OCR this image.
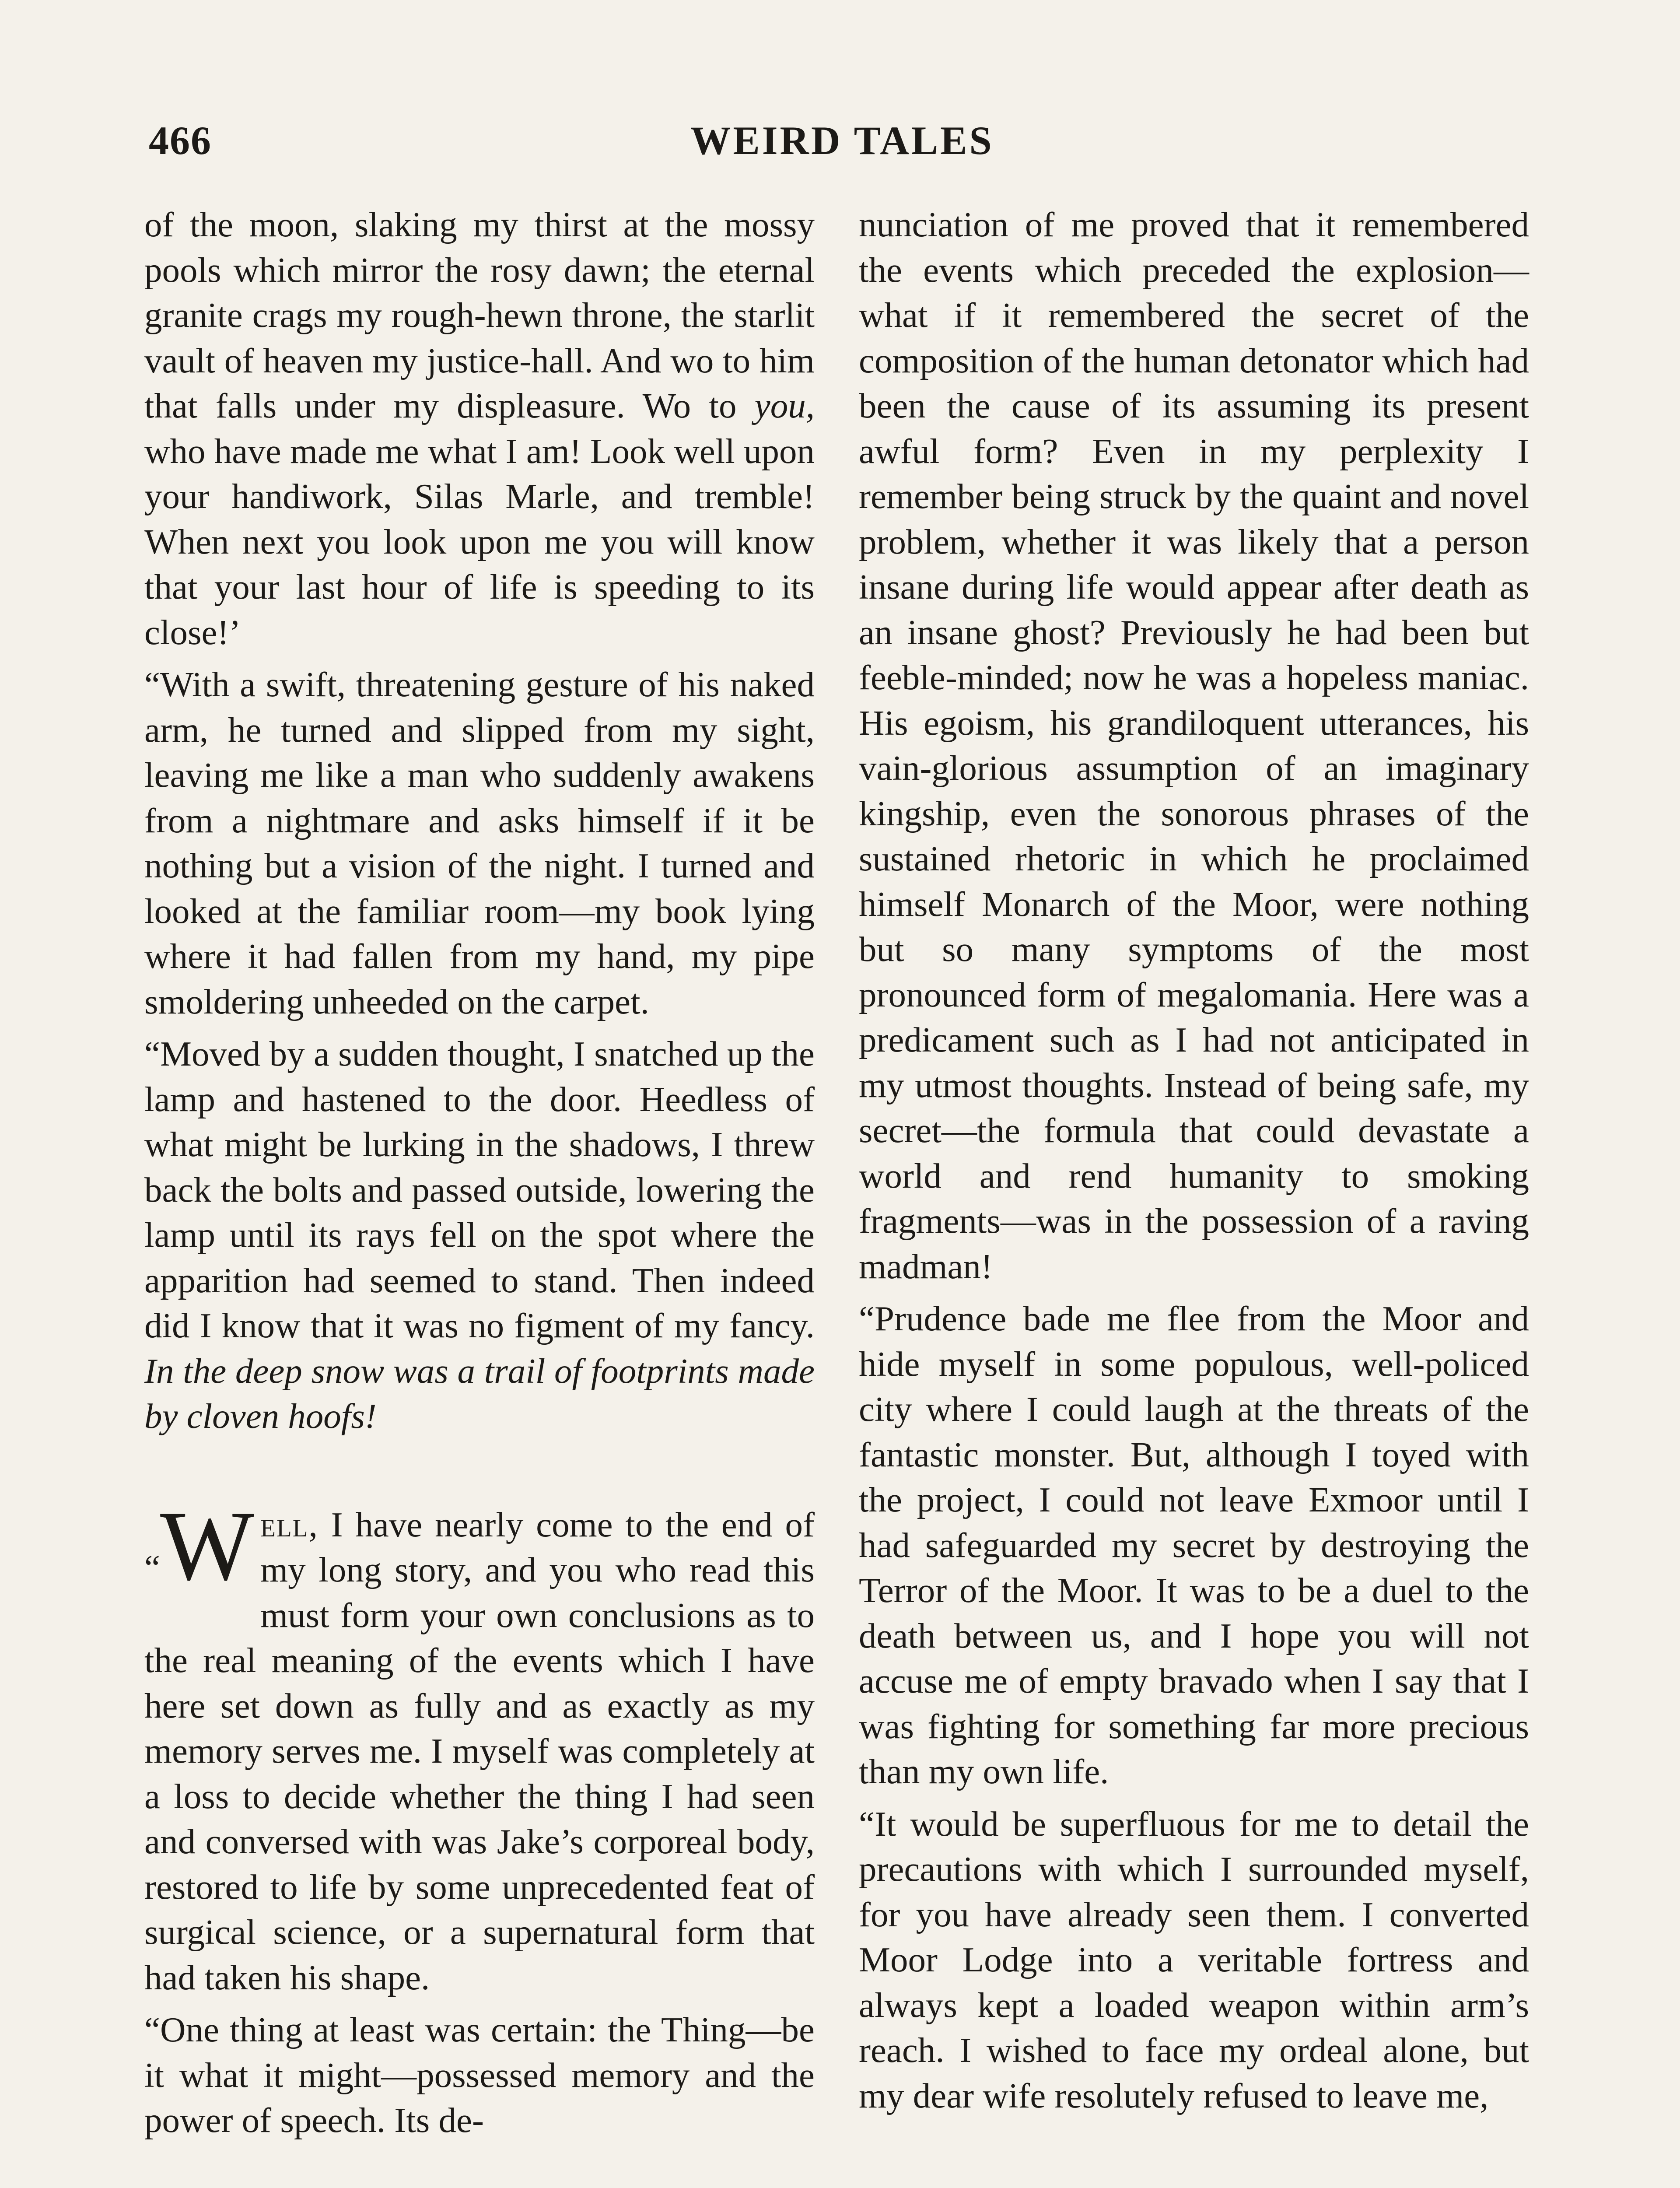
466	WEIRD TALES

of the moon, slaking my thirst at the mossy pools which mirror the rosy dawn; the eternal granite crags my rough-hewn throne, the starlit vault of heaven my justice-hall. And wo to him that falls under my displeasure. Wo to you, who have made me what I am! Look well upon your handiwork, Silas Marle, and tremble! When next you look upon me you will know that your last hour of life is speeding to its close!’

“With a swift, threatening gesture of his naked arm, he turned and slipped from my sight, leaving me like a man who suddenly awakens from a nightmare and asks himself if it be nothing but a vision of the night. I turned and looked at the familiar room—my book lying where it had fallen from my hand, my pipe smoldering unheeded on the carpet.

“Moved by a sudden thought, I snatched up the lamp and hastened to the door. Heedless of what might be lurking in the shadows, I threw back the bolts and passed outside, lowering the lamp until its rays fell on the spot where the apparition had seemed to stand. Then indeed did I know that it was no figment of my fancy. In the deep snow was a trail of footprints made by cloven hoofs!

“W ell, I have nearly come to the end of my long story, and you who read this must form your own conclusions as to the real meaning of the events which I have here set down as fully and as exactly as my memory serves me. I myself was completely at a loss to decide whether the thing I had seen and conversed with was Jake’s corporeal body, restored to life by some unprecedented feat of surgical science, or a supernatural form that had taken his shape.

“One thing at least was certain: the Thing—be it what it might—possessed memory and the power of speech. Its de-

nunciation of me proved that it remembered the events which preceded the explosion—what if it remembered the secret of the composition of the human detonator which had been the cause of its assuming its present awful form? Even in my perplexity I remember being struck by the quaint and novel problem, whether it was likely that a person insane during life would appear after death as an insane ghost? Previously he had been but feeble-minded; now he was a hopeless maniac. His egoism, his grandiloquent utterances, his vain-glorious assumption of an imaginary kingship, even the sonorous phrases of the sustained rhetoric in which he proclaimed himself Monarch of the Moor, were nothing but so many symptoms of the most pronounced form of megalomania. Here was a predicament such as I had not anticipated in my utmost thoughts. Instead of being safe, my secret—the formula that could devastate a world and rend humanity to smoking fragments—was in the possession of a raving madman!

“Prudence bade me flee from the Moor and hide myself in some populous, well-policed city where I could laugh at the threats of the fantastic monster. But, although I toyed with the project, I could not leave Exmoor until I had safeguarded my secret by destroying the Terror of the Moor. It was to be a duel to the death between us, and I hope you will not accuse me of empty bravado when I say that I was fighting for something far more precious than my own life.

“It would be superfluous for me to detail the precautions with which I surrounded myself, for you have already seen them. I converted Moor Lodge into a veritable fortress and always kept a loaded weapon within arm’s reach. I wished to face my ordeal alone, but my dear wife resolutely refused to leave me,
